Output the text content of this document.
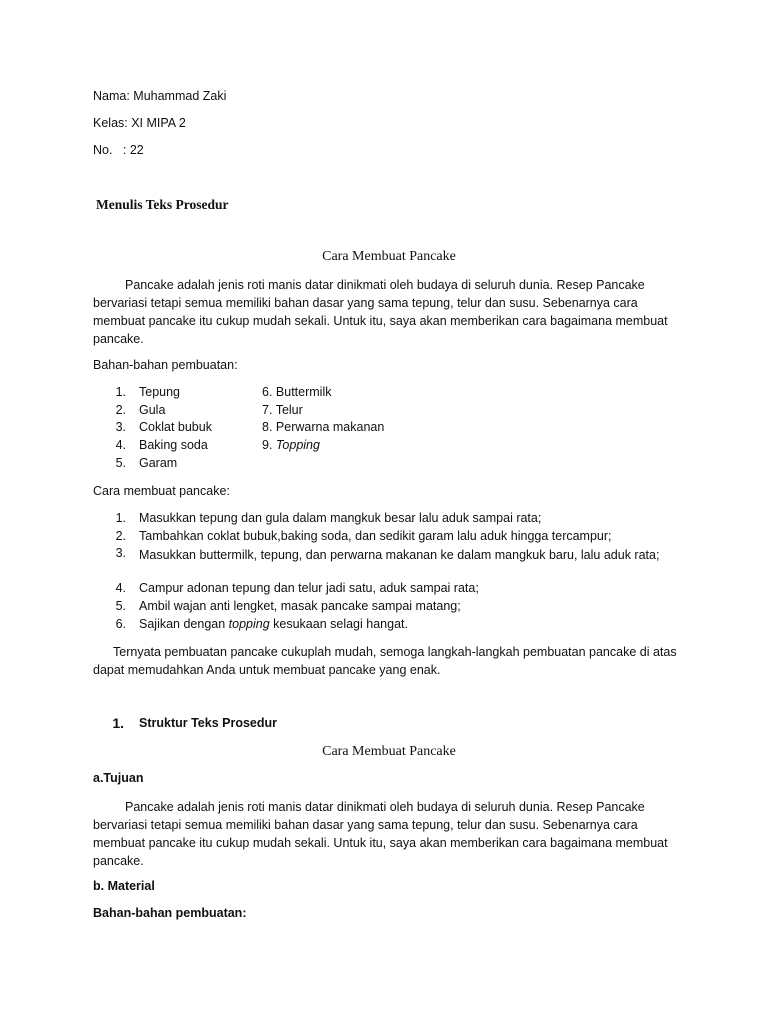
Nama: Muhammad Zaki
Kelas: XI MIPA 2
No.   : 22
Menulis Teks Prosedur
Cara Membuat Pancake
Pancake adalah jenis roti manis datar dinikmati oleh budaya di seluruh dunia. Resep Pancake bervariasi tetapi semua memiliki bahan dasar yang sama tepung, telur dan susu. Sebenarnya cara membuat pancake itu cukup mudah sekali. Untuk itu, saya akan memberikan cara bagaimana membuat pancake.
Bahan-bahan pembuatan:
1. Tepung
2. Gula
3. Coklat bubuk
4. Baking soda
5. Garam
6. Buttermilk
7. Telur
8. Perwarna makanan
9. Topping
Cara membuat pancake:
1. Masukkan tepung dan gula dalam mangkuk besar lalu aduk sampai rata;
2. Tambahkan coklat bubuk,baking soda, dan sedikit garam lalu aduk hingga tercampur;
3. Masukkan buttermilk, tepung, dan perwarna makanan ke dalam mangkuk baru, lalu aduk rata;
4. Campur adonan tepung dan telur jadi satu, aduk sampai rata;
5. Ambil wajan anti lengket, masak pancake sampai matang;
6. Sajikan dengan topping kesukaan selagi hangat.
Ternyata pembuatan pancake cukuplah mudah, semoga langkah-langkah pembuatan pancake di atas dapat memudahkan Anda untuk membuat pancake yang enak.
1. Struktur Teks Prosedur
Cara Membuat Pancake
a.Tujuan
Pancake adalah jenis roti manis datar dinikmati oleh budaya di seluruh dunia. Resep Pancake bervariasi tetapi semua memiliki bahan dasar yang sama tepung, telur dan susu. Sebenarnya cara membuat pancake itu cukup mudah sekali. Untuk itu, saya akan memberikan cara bagaimana membuat pancake.
b. Material
Bahan-bahan pembuatan:
